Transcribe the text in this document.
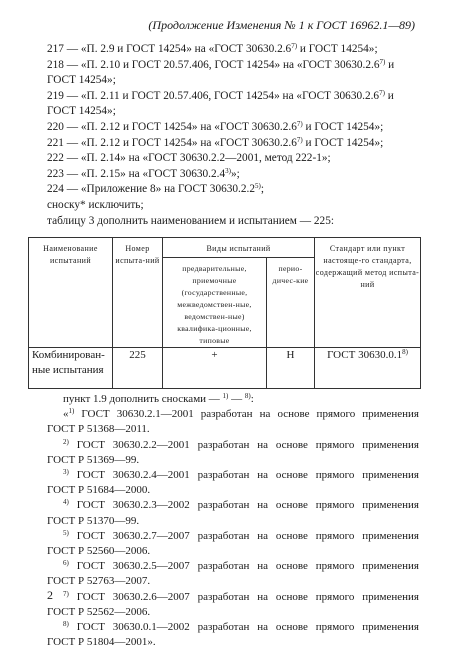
(Продолжение Изменения № 1 к ГОСТ 16962.1—89)
217 — «П. 2.9 и ГОСТ 14254» на «ГОСТ 30630.2.6$^{7)}$ и ГОСТ 14254»;
218 — «П. 2.10 и ГОСТ 20.57.406, ГОСТ 14254» на «ГОСТ 30630.2.6$^{7)}$ и
ГОСТ 14254»;
219 — «П. 2.11 и ГОСТ 20.57.406, ГОСТ 14254» на «ГОСТ 30630.2.6$^{7)}$ и
ГОСТ 14254»;
220 — «П. 2.12 и ГОСТ 14254» на «ГОСТ 30630.2.6$^{7)}$ и ГОСТ 14254»;
221 — «П. 2.12 и ГОСТ 14254» на «ГОСТ 30630.2.6$^{7)}$ и ГОСТ 14254»;
222 — «П. 2.14» на «ГОСТ 30630.2.2—2001, метод 222-1»;
223 — «П. 2.15» на «ГОСТ 30630.2.4$^{3)}$»;
224 — «Приложение 8» на ГОСТ 30630.2.2$^{5)}$;
сноску* исключить;
таблицу 3 дополнить наименованием и испытанием — 225:
Наименование испытаний	Номер испыта-ний	Виды испытаний		Стандарт или пункт настояще-го стандарта, содержащий метод испыта-ний
		предварительные, приемочные (государственные, межведомствен-ные, ведомствен-ные) квалифика-ционные, типовые	перио-дичес-кие	
Комбинирован-ные испытания	225	+	Н	ГОСТ 30630.0.1$^{8)}$
пункт 1.9 дополнить сносками — $^{1)}$ — $^{8)}$:
«$^{1)}$ ГОСТ 30630.2.1—2001 разработан на основе прямого применения
ГОСТ Р 51368—2011.
$^{2)}$ ГОСТ 30630.2.2—2001 разработан на основе прямого применения
ГОСТ Р 51369—99.
$^{3)}$ ГОСТ 30630.2.4—2001 разработан на основе прямого применения
ГОСТ Р 51684—2000.
$^{4)}$ ГОСТ 30630.2.3—2002 разработан на основе прямого применения
ГОСТ Р 51370—99.
$^{5)}$ ГОСТ 30630.2.7—2007 разработан на основе прямого применения
ГОСТ Р 52560—2006.
$^{6)}$ ГОСТ 30630.2.5—2007 разработан на основе прямого применения
ГОСТ Р 52763—2007.
$^{7)}$ ГОСТ 30630.2.6—2007 разработан на основе прямого применения
ГОСТ Р 52562—2006.
$^{8)}$ ГОСТ 30630.0.1—2002 разработан на основе прямого применения
ГОСТ Р 51804—2001».
2
